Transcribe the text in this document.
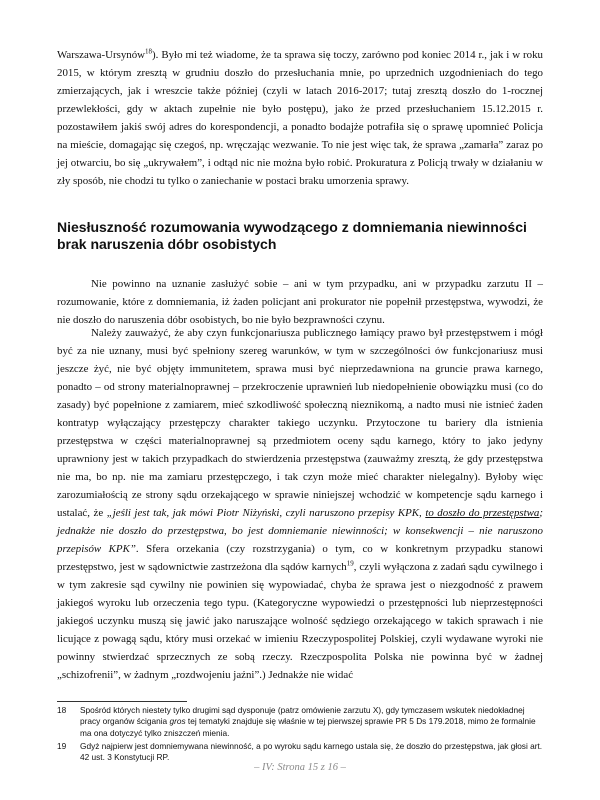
Warszawa-Ursynów$^{18}$). Było mi też wiadome, że ta sprawa się toczy, zarówno pod koniec 2014 r., jak i w roku 2015, w którym zresztą w grudniu doszło do przesłuchania mnie, po uprzednich uzgodnieniach do tego zmierzających, jak i wreszcie także później (czyli w latach 2016-2017; tutaj zresztą doszło do 1-rocznej przewlekłości, gdy w aktach zupełnie nie było postępu), jako że przed przesłuchaniem 15.12.2015 r. pozostawiłem jakiś swój adres do korespondencji, a ponadto bodajże potrafiła się o sprawę upomnieć Policja na mieście, domagając się czegoś, np. wręczając wezwanie. To nie jest więc tak, że sprawa „zamarła” zaraz po jej otwarciu, bo się „ukrywałem”, i odtąd nic nie można było robić. Prokuratura z Policją trwały w działaniu w zły sposób, nie chodzi tu tylko o zaniechanie w postaci braku umorzenia sprawy.

Niesłuszność rozumowania wywodzącego z domniemania niewinności brak naruszenia dóbr osobistych

Nie powinno na uznanie zasłużyć sobie – ani w tym przypadku, ani w przypadku zarzutu II – rozumowanie, które z domniemania, iż żaden policjant ani prokurator nie popełnił przestępstwa, wywodzi, że nie doszło do naruszenia dóbr osobistych, bo nie było bezprawności czynu.

Należy zauważyć, że aby czyn funkcjonariusza publicznego łamiący prawo był przestępstwem i mógł być za nie uznany, musi być spełniony szereg warunków, w tym w szczególności ów funkcjonariusz musi jeszcze żyć, nie być objęty immunitetem, sprawa musi być nieprzedawniona na gruncie prawa karnego, ponadto – od strony materialnoprawnej – przekroczenie uprawnień lub niedopełnienie obowiązku musi (co do zasady) być popełnione z zamiarem, mieć szkodliwość społeczną nieznikomą, a nadto musi nie istnieć żaden kontratyp wyłączający przestępczy charakter takiego uczynku. Przytoczone tu bariery dla istnienia przestępstwa w części materialnoprawnej są przedmiotem oceny sądu karnego, który to jako jedyny uprawniony jest w takich przypadkach do stwierdzenia przestępstwa (zauważmy zresztą, że gdy przestępstwa nie ma, bo np. nie ma zamiaru przestępczego, i tak czyn może mieć charakter nielegalny). Byłoby więc zarozumiałością ze strony sądu orzekającego w sprawie niniejszej wchodzić w kompetencje sądu karnego i ustalać, że „jeśli jest tak, jak mówi Piotr Niżyński, czyli naruszono przepisy KPK, to doszło do przestępstwa; jednakże nie doszło do przestępstwa, bo jest domniemanie niewinności; w konsekwencji – nie naruszono przepisów KPK”. Sfera orzekania (czy rozstrzygania) o tym, co w konkretnym przypadku stanowi przestępstwo, jest w sądownictwie zastrzeżona dla sądów karnych$^{19}$, czyli wyłączona z zadań sądu cywilnego i w tym zakresie sąd cywilny nie powinien się wypowiadać, chyba że sprawa jest o niezgodność z prawem jakiegoś wyroku lub orzeczenia tego typu. (Kategoryczne wypowiedzi o przestępności lub nieprzestępności jakiegoś uczynku muszą się jawić jako naruszające wolność sędziego orzekającego w takich sprawach i nie licujące z powagą sądu, który musi orzekać w imieniu Rzeczypospolitej Polskiej, czyli wydawane wyroki nie powinny stwierdzać sprzecznych ze sobą rzeczy. Rzeczpospolita Polska nie powinna być w żadnej „schizofrenii”, w żadnym „rozdwojeniu jaźni”.) Jednakże nie widać

18	Spośród których niestety tylko drugimi sąd dysponuje (patrz omówienie zarzutu X), gdy tymczasem wskutek niedokładnej pracy organów ścigania gros tej tematyki znajduje się właśnie w tej pierwszej sprawie PR 5 Ds 179.2018, mimo że formalnie ma ona dotyczyć tylko zniszczeń mienia.
19	Gdyż najpierw jest domniemywana niewinność, a po wyroku sądu karnego ustala się, że doszło do przestępstwa, jak głosi art. 42 ust. 3 Konstytucji RP.
– IV: Strona 15 z 16 –
